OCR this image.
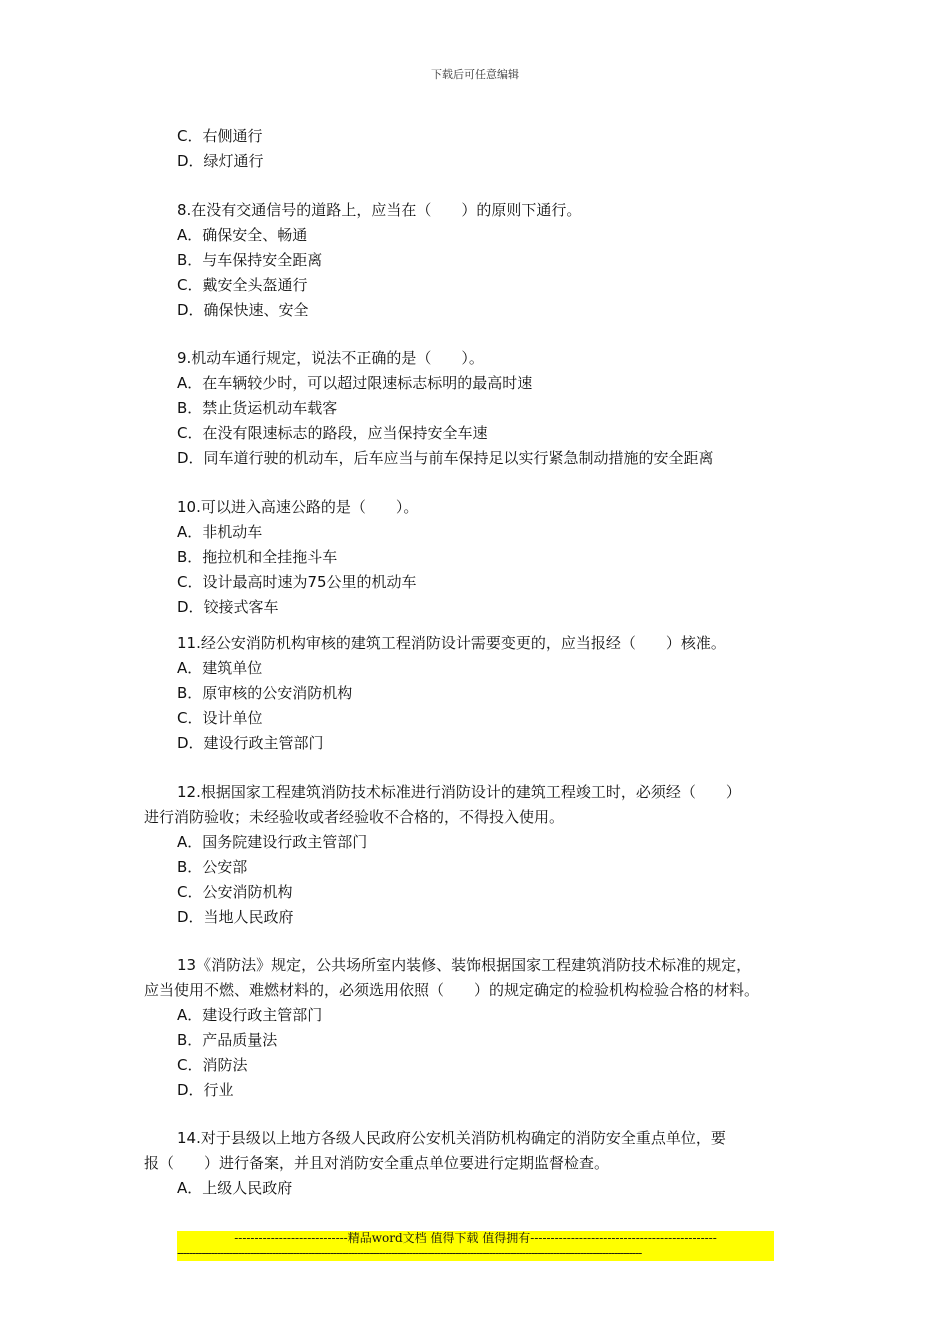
下载后可任意编辑
C．右侧通行
D．绿灯通行
8.在没有交通信号的道路上，应当在（　　）的原则下通行。
A．确保安全、畅通
B．与车保持安全距离
C．戴安全头盔通行
D．确保快速、安全
9.机动车通行规定，说法不正确的是（　　）。
A．在车辆较少时，可以超过限速标志标明的最高时速
B．禁止货运机动车载客
C．在没有限速标志的路段，应当保持安全车速
D．同车道行驶的机动车，后车应当与前车保持足以实行紧急制动措施的安全距离
10.可以进入高速公路的是（　　）。
A．非机动车
B．拖拉机和全挂拖斗车
C．设计最高时速为75公里的机动车
D．铰接式客车
11.经公安消防机构审核的建筑工程消防设计需要变更的，应当报经（　　）核准。
A．建筑单位
B．原审核的公安消防机构
C．设计单位
D．建设行政主管部门
12.根据国家工程建筑消防技术标准进行消防设计的建筑工程竣工时，必须经（　　）
进行消防验收；未经验收或者经验收不合格的，不得投入使用。
A．国务院建设行政主管部门
B．公安部
C．公安消防机构
D．当地人民政府
13《消防法》规定，公共场所室内装修、装饰根据国家工程建筑消防技术标准的规定，
应当使用不燃、难燃材料的，必须选用依照（　　）的规定确定的检验机构检验合格的材料。
A．建设行政主管部门
B．产品质量法
C．消防法
D．行业
14.对于县级以上地方各级人民政府公安机关消防机构确定的消防安全重点单位，要
报（　　）进行备案，并且对消防安全重点单位要进行定期监督检查。
A．上级人民政府
----------------------------精品word文档 值得下载 值得拥有----------------------------------------------
--------------------------------------------------------------------------------------------------------------------------------------------------------
